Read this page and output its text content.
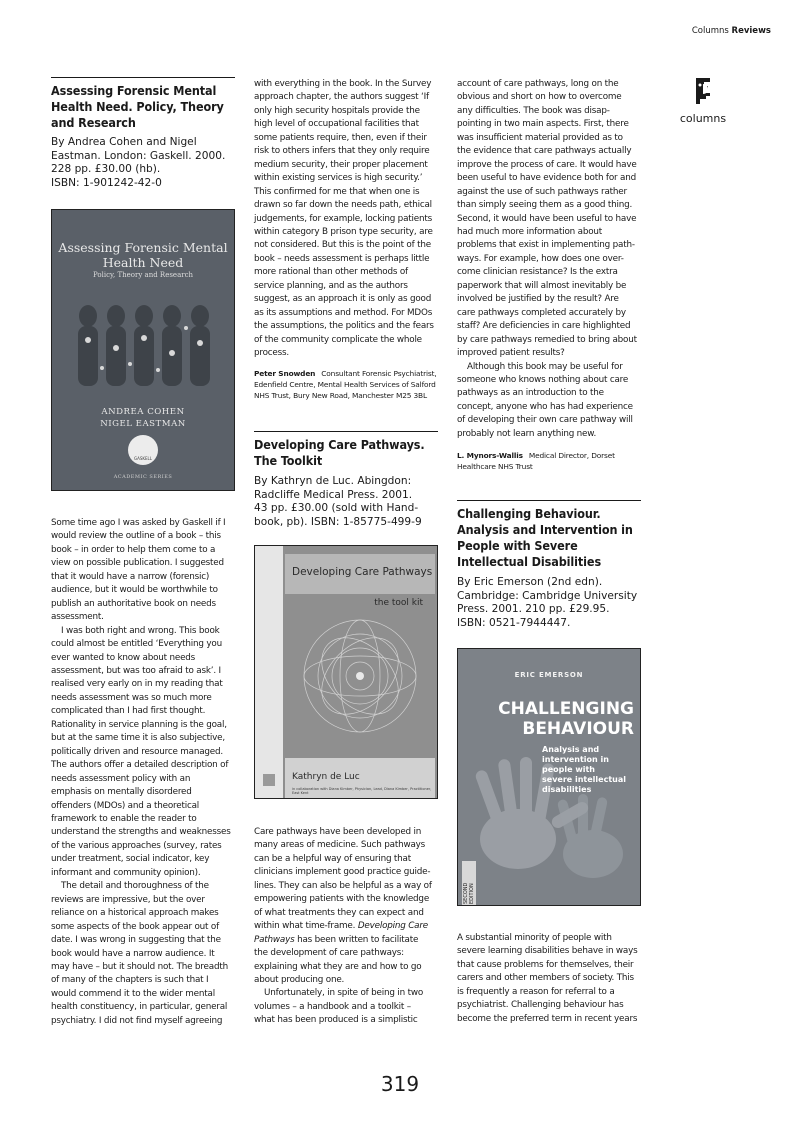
Columns Reviews
columns
Assessing Forensic Mental
Health Need. Policy, Theory
and Research
By Andrea Cohen and Nigel
Eastman. London: Gaskell. 2000.
228 pp. £30.00 (hb).
ISBN: 1-901242-42-0
Assessing Forensic Mental
Health Need
Policy, Theory and Research
ANDREA COHEN
NIGEL EASTMAN
GASKELL
ACADEMIC SERIES
Some time ago I was asked by Gaskell if I
would review the outline of a book – this
book – in order to help them come to a
view on possible publication. I suggested
that it would have a narrow (forensic)
audience, but it would be worthwhile to
publish an authoritative book on needs
assessment.
I was both right and wrong. This book
could almost be entitled ‘Everything you
ever wanted to know about needs
assessment, but was too afraid to ask’. I
realised very early on in my reading that
needs assessment was so much more
complicated than I had first thought.
Rationality in service planning is the goal,
but at the same time it is also subjective,
politically driven and resource managed.
The authors offer a detailed description of
needs assessment policy with an
emphasis on mentally disordered
offenders (MDOs) and a theoretical
framework to enable the reader to
understand the strengths and weaknesses
of the various approaches (survey, rates
under treatment, social indicator, key
informant and community opinion).
The detail and thoroughness of the
reviews are impressive, but the over
reliance on a historical approach makes
some aspects of the book appear out of
date. I was wrong in suggesting that the
book would have a narrow audience. It
may have – but it should not. The breadth
of many of the chapters is such that I
would commend it to the wider mental
health constituency, in particular, general
psychiatry. I did not find myself agreeing
with everything in the book. In the Survey
approach chapter, the authors suggest ‘If
only high security hospitals provide the
high level of occupational facilities that
some patients require, then, even if their
risk to others infers that they only require
medium security, their proper placement
within existing services is high security.’
This confirmed for me that when one is
drawn so far down the needs path, ethical
judgements, for example, locking patients
within category B prison type security, are
not considered. But this is the point of the
book – needs assessment is perhaps little
more rational than other methods of
service planning, and as the authors
suggest, as an approach it is only as good
as its assumptions and method. For MDOs
the assumptions, the politics and the fears
of the community complicate the whole
process.
Peter Snowden Consultant Forensic Psychiatrist,
Edenfield Centre, Mental Health Services of Salford
NHS Trust, Bury New Road, Manchester M25 3BL
Developing Care Pathways.
The Toolkit
By Kathryn de Luc. Abingdon:
Radcliffe Medical Press. 2001.
43 pp. £30.00 (sold with Hand-
book, pb). ISBN: 1-85775-499-9
Developing Care Pathways
the tool kit
Kathryn de Luc
in collaboration with Diana Kimber, Physician, Lead, Diana Kimber, Practitioner, East Kent
Care pathways have been developed in
many areas of medicine. Such pathways
can be a helpful way of ensuring that
clinicians implement good practice guide-
lines. They can also be helpful as a way of
empowering patients with the knowledge
of what treatments they can expect and
within what time-frame. Developing Care
Pathways has been written to facilitate
the development of care pathways:
explaining what they are and how to go
about producing one.
Unfortunately, in spite of being in two
volumes – a handbook and a toolkit –
what has been produced is a simplistic
account of care pathways, long on the
obvious and short on how to overcome
any difficulties. The book was disap-
pointing in two main aspects. First, there
was insufficient material provided as to
the evidence that care pathways actually
improve the process of care. It would have
been useful to have evidence both for and
against the use of such pathways rather
than simply seeing them as a good thing.
Second, it would have been useful to have
had much more information about
problems that exist in implementing path-
ways. For example, how does one over-
come clinician resistance? Is the extra
paperwork that will almost inevitably be
involved be justified by the result? Are
care pathways completed accurately by
staff? Are deficiencies in care highlighted
by care pathways remedied to bring about
improved patient results?
Although this book may be useful for
someone who knows nothing about care
pathways as an introduction to the
concept, anyone who has had experience
of developing their own care pathway will
probably not learn anything new.
L. Mynors-Wallis Medical Director, Dorset
Healthcare NHS Trust
Challenging Behaviour.
Analysis and Intervention in
People with Severe
Intellectual Disabilities
By Eric Emerson (2nd edn).
Cambridge: Cambridge University
Press. 2001. 210 pp. £29.95.
ISBN: 0521-7944447.
ERIC EMERSON
CHALLENGING
BEHAVIOUR
Analysis and
intervention in
people with
severe intellectual
disabilities
SECOND EDITION
A substantial minority of people with
severe learning disabilities behave in ways
that cause problems for themselves, their
carers and other members of society. This
is frequently a reason for referral to a
psychiatrist. Challenging behaviour has
become the preferred term in recent years
319
